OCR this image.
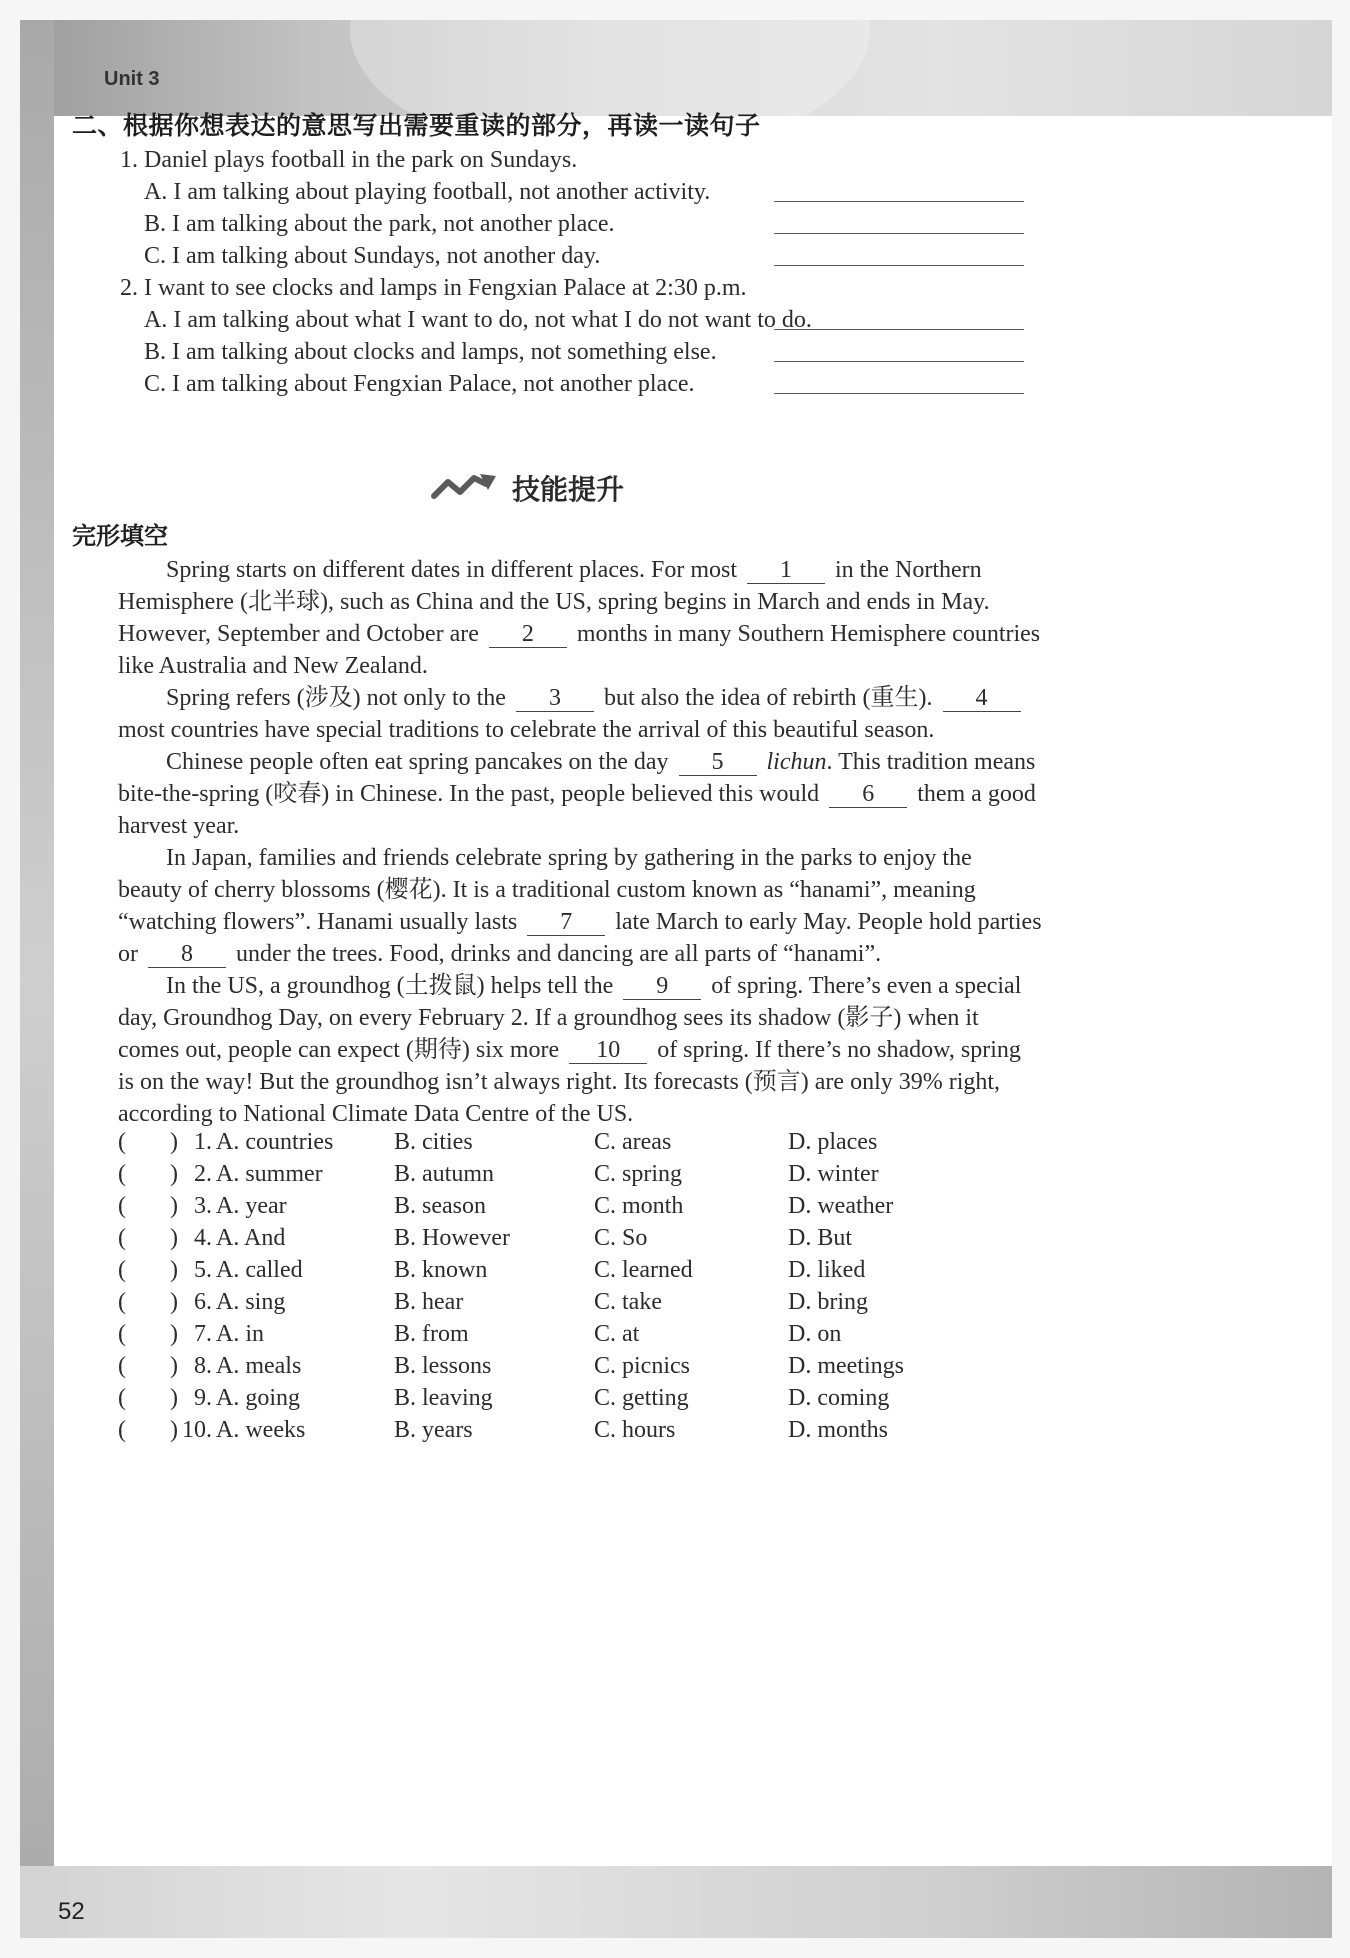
Unit 3
52
二、根据你想表达的意思写出需要重读的部分，再读一读句子
1. Daniel plays football in the park on Sundays.
A. I am talking about playing football, not another activity.
B. I am talking about the park, not another place.
C. I am talking about Sundays, not another day.
2. I want to see clocks and lamps in Fengxian Palace at 2:30 p.m.
A. I am talking about what I want to do, not what I do not want to do.
B. I am talking about clocks and lamps, not something else.
C. I am talking about Fengxian Palace, not another place.
技能提升
完形填空
Spring starts on different dates in different places. For most 1 in the Northern
Hemisphere (北半球), such as China and the US, spring begins in March and ends in May.
However, September and October are 2 months in many Southern Hemisphere countries
like Australia and New Zealand.
Spring refers (涉及) not only to the 3 but also the idea of rebirth (重生). 4
most countries have special traditions to celebrate the arrival of this beautiful season.
Chinese people often eat spring pancakes on the day 5 lichun. This tradition means
bite-the-spring (咬春) in Chinese. In the past, people believed this would 6 them a good
harvest year.
In Japan, families and friends celebrate spring by gathering in the parks to enjoy the
beauty of cherry blossoms (樱花). It is a traditional custom known as “hanami”, meaning
“watching flowers”. Hanami usually lasts 7 late March to early May. People hold parties
or 8 under the trees. Food, drinks and dancing are all parts of “hanami”.
In the US, a groundhog (土拨鼠) helps tell the 9 of spring. There’s even a special
day, Groundhog Day, on every February 2. If a groundhog sees its shadow (影子) when it
comes out, people can expect (期待) six more 10 of spring. If there’s no shadow, spring
is on the way! But the groundhog isn’t always right. Its forecasts (预言) are only 39% right,
according to National Climate Data Centre of the US.
( ) 1. A. countries	B. cities	C. areas	D. places
( ) 2. A. summer	B. autumn	C. spring	D. winter
( ) 3. A. year	B. season	C. month	D. weather
( ) 4. A. And	B. However	C. So	D. But
( ) 5. A. called	B. known	C. learned	D. liked
( ) 6. A. sing	B. hear	C. take	D. bring
( ) 7. A. in	B. from	C. at	D. on
( ) 8. A. meals	B. lessons	C. picnics	D. meetings
( ) 9. A. going	B. leaving	C. getting	D. coming
( ) 10. A. weeks	B. years	C. hours	D. months
